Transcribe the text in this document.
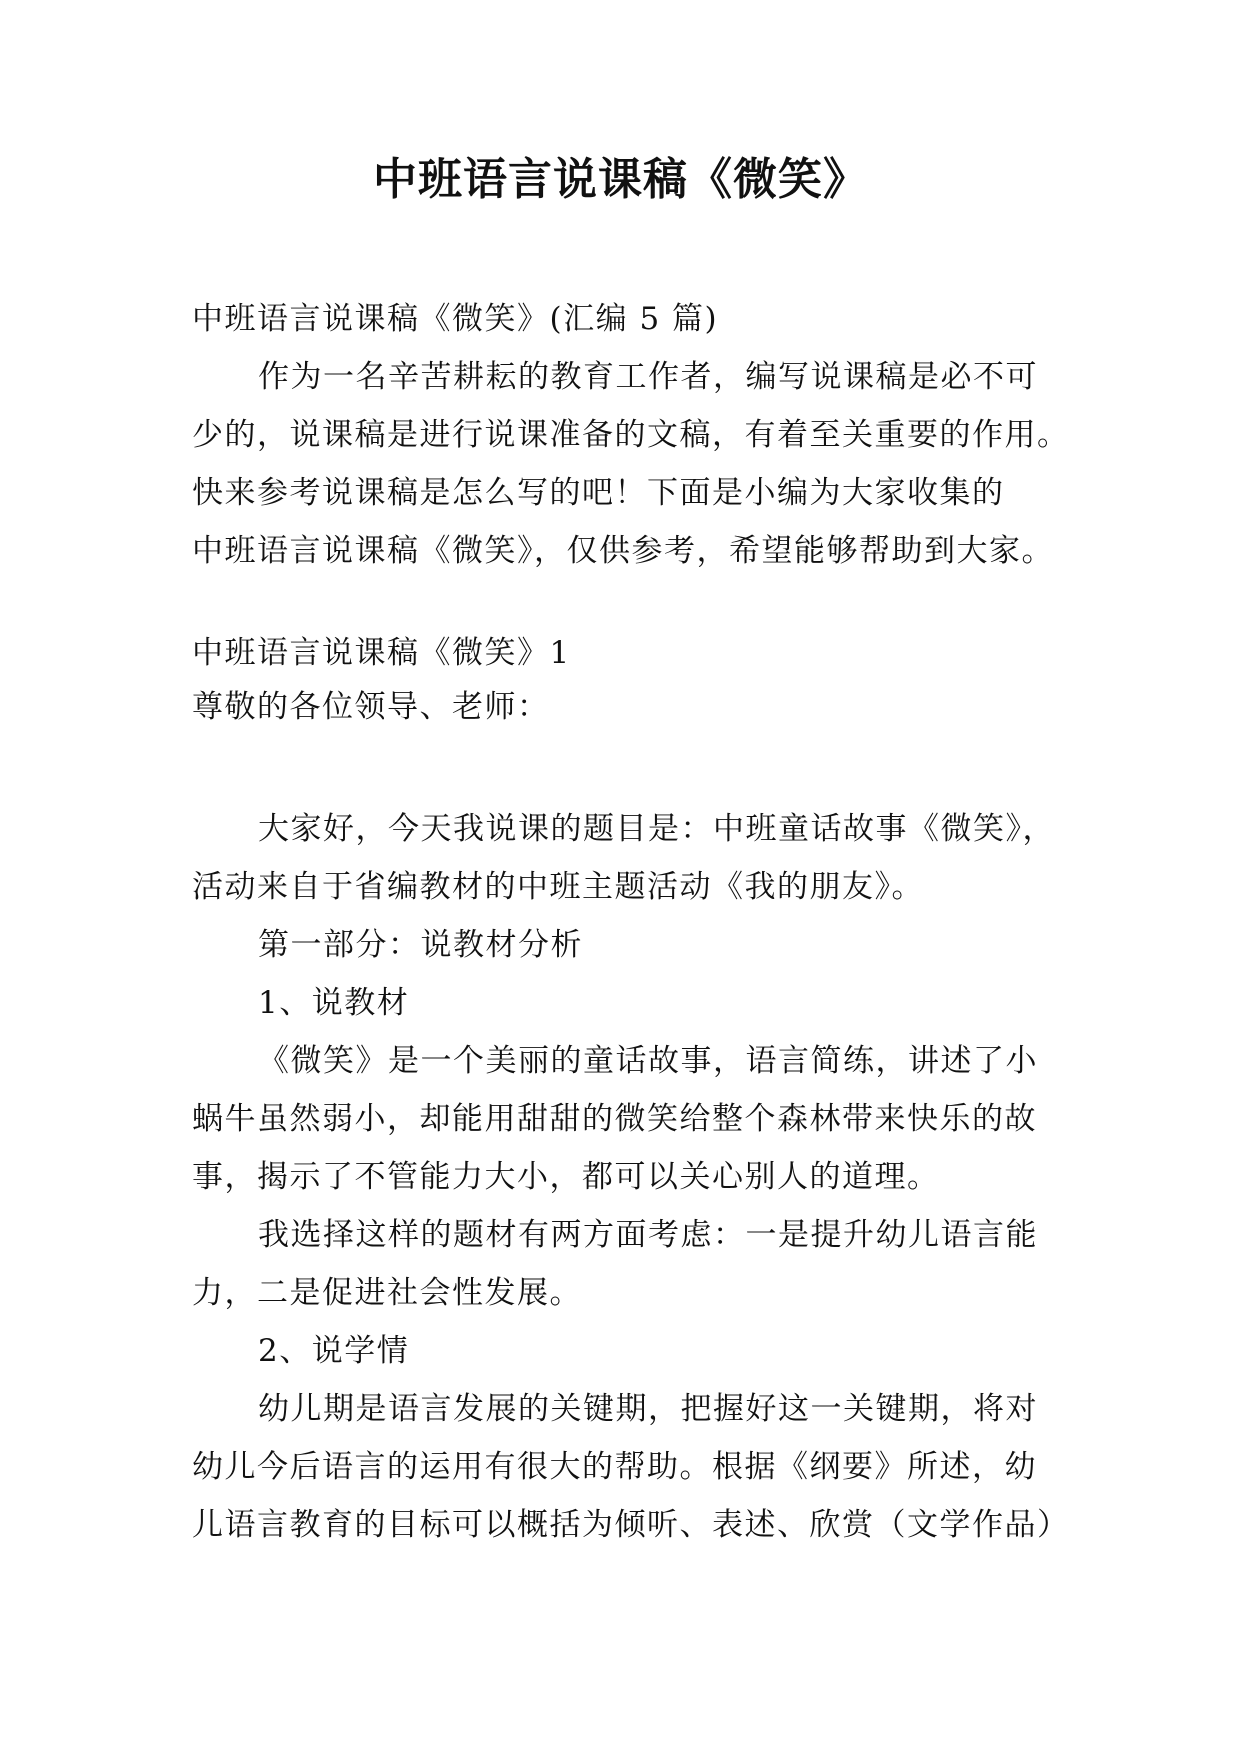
中班语言说课稿《微笑》
中班语言说课稿《微笑》(汇编 5 篇)
作为一名辛苦耕耘的教育工作者，编写说课稿是必不可
少的，说课稿是进行说课准备的文稿，有着至关重要的作用。
快来参考说课稿是怎么写的吧！下面是小编为大家收集的
中班语言说课稿《微笑》，仅供参考，希望能够帮助到大家。
中班语言说课稿《微笑》1
尊敬的各位领导、老师：
大家好，今天我说课的题目是：中班童话故事《微笑》，
活动来自于省编教材的中班主题活动《我的朋友》。
第一部分：说教材分析
1、说教材
《微笑》是一个美丽的童话故事，语言简练，讲述了小
蜗牛虽然弱小，却能用甜甜的微笑给整个森林带来快乐的故
事，揭示了不管能力大小，都可以关心别人的道理。
我选择这样的题材有两方面考虑：一是提升幼儿语言能
力，二是促进社会性发展。
2、说学情
幼儿期是语言发展的关键期，把握好这一关键期，将对
幼儿今后语言的运用有很大的帮助。根据《纲要》所述，幼
儿语言教育的目标可以概括为倾听、表述、欣赏（文学作品）
